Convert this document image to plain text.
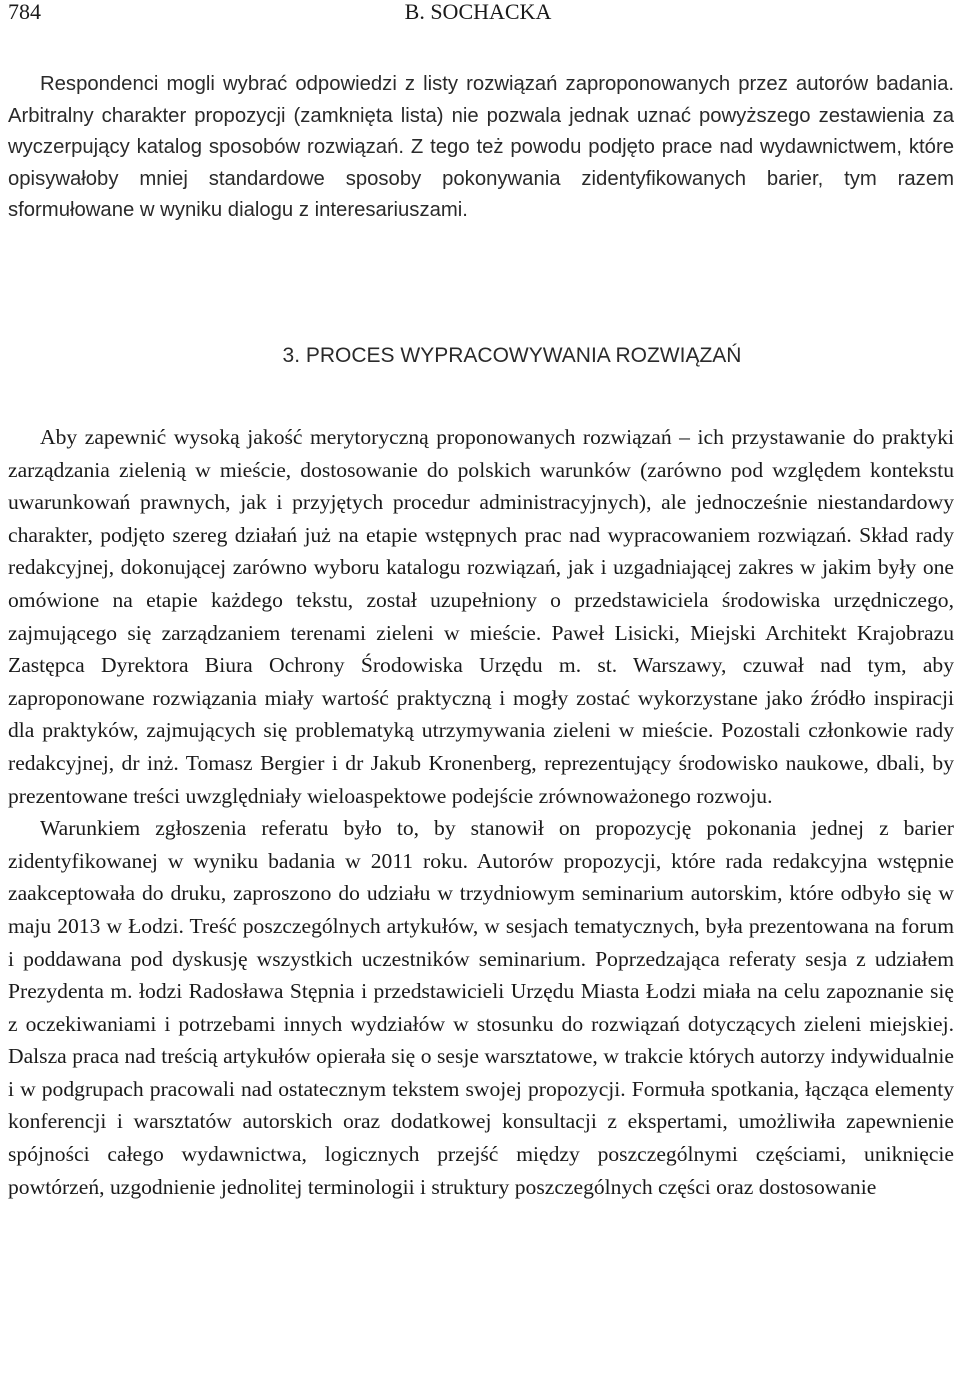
784	B. SOCHACKA

Respondenci mogli wybrać odpowiedzi z listy rozwiązań zaproponowanych przez autorów badania. Arbitralny charakter propozycji (zamknięta lista) nie pozwala jednak uznać powyższego zestawienia za wyczerpujący katalog sposobów rozwiązań. Z tego też powodu podjęto prace nad wydawnictwem, które opisywałoby mniej standardowe sposoby pokonywania zidentyfikowanych barier, tym razem sformułowane w wyniku dialogu z interesariuszami.

3. PROCES WYPRACOWYWANIA ROZWIĄZAŃ

Aby zapewnić wysoką jakość merytoryczną proponowanych rozwiązań – ich przystawanie do praktyki zarządzania zielenią w mieście, dostosowanie do polskich warunków (zarówno pod względem kontekstu uwarunkowań prawnych, jak i przyjętych procedur administracyjnych), ale jednocześnie niestandardowy charakter, podjęto szereg działań już na etapie wstępnych prac nad wypracowaniem rozwiązań. Skład rady redakcyjnej, dokonującej zarówno wyboru katalogu rozwiązań, jak i uzgadniającej zakres w jakim były one omówione na etapie każdego tekstu, został uzupełniony o przedstawiciela środowiska urzędniczego, zajmującego się zarządzaniem terenami zieleni w mieście. Paweł Lisicki, Miejski Architekt Krajobrazu Zastępca Dyrektora Biura Ochrony Środowiska Urzędu m. st. Warszawy, czuwał nad tym, aby zaproponowane rozwiązania miały wartość praktyczną i mogły zostać wykorzystane jako źródło inspiracji dla praktyków, zajmujących się problematyką utrzymywania zieleni w mieście. Pozostali członkowie rady redakcyjnej, dr inż. Tomasz Bergier i dr Jakub Kronenberg, reprezentujący środowisko naukowe, dbali, by prezentowane treści uwzględniały wieloaspektowe podejście zrównoważonego rozwoju.

Warunkiem zgłoszenia referatu było to, by stanowił on propozycję pokonania jednej z barier zidentyfikowanej w wyniku badania w 2011 roku. Autorów propozycji, które rada redakcyjna wstępnie zaakceptowała do druku, zaproszono do udziału w trzydniowym seminarium autorskim, które odbyło się w maju 2013 w Łodzi. Treść poszczególnych artykułów, w sesjach tematycznych, była prezentowana na forum i poddawana pod dyskusję wszystkich uczestników seminarium. Poprzedzająca referaty sesja z udziałem Prezydenta m. łodzi Radosława Stępnia i przedstawicieli Urzędu Miasta Łodzi miała na celu zapoznanie się z oczekiwaniami i potrzebami innych wydziałów w stosunku do rozwiązań dotyczących zieleni miejskiej. Dalsza praca nad treścią artykułów opierała się o sesje warsztatowe, w trakcie których autorzy indywidualnie i w podgrupach pracowali nad ostatecznym tekstem swojej propozycji. Formuła spotkania, łącząca elementy konferencji i warsztatów autorskich oraz dodatkowej konsultacji z ekspertami, umożliwiła zapewnienie spójności całego wydawnictwa, logicznych przejść między poszczególnymi częściami, uniknięcie powtórzeń, uzgodnienie jednolitej terminologii i struktury poszczególnych części oraz dostosowanie
